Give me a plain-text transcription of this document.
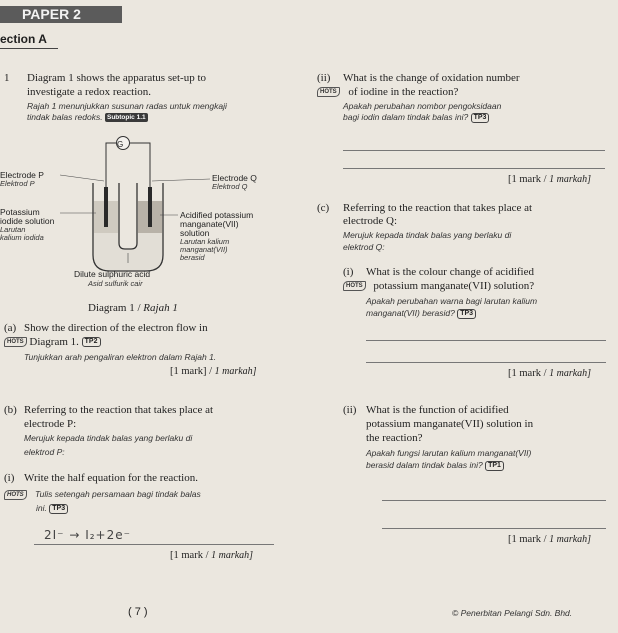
PAPER 2
ection A
1 Diagram 1 shows the apparatus set-up to
investigate a redox reaction.
Rajah 1 menunjukkan susunan radas untuk mengkaji
tindak balas redoks. Subtopic 1.1
G
Electrode P
Elektrod P
Potassium
iodide solution
Larutan
kalium iodida
Electrode Q
Elektrod Q
Acidified potassium
manganate(VII)
solution
Larutan kalium
manganat(VII)
berasid
Dilute sulphuric acid
Asid sulfurik cair
Diagram 1 / Rajah 1
(a) Show the direction of the electron flow in
HOTS Diagram 1. TP2
Tunjukkan arah pengaliran elektron dalam Rajah 1.
[1 mark] / 1 markah]
(b) Referring to the reaction that takes place at
electrode P:
Merujuk kepada tindak balas yang berlaku di
elektrod P:
(i) Write the half equation for the reaction.
HOTS Tulis setengah persamaan bagi tindak balas
ini. TP3
2I⁻ → I₂+2e⁻
[1 mark / 1 markah]
(ii) What is the change of oxidation number
HOTS of iodine in the reaction?
Apakah perubahan nombor pengoksidaan
bagi iodin dalam tindak balas ini? TP3
[1 mark / 1 markah]
(c) Referring to the reaction that takes place at
electrode Q:
Merujuk kepada tindak balas yang berlaku di
elektrod Q:
(i) What is the colour change of acidified
HOTS potassium manganate(VII) solution?
Apakah perubahan warna bagi larutan kalium
manganat(VII) berasid? TP3
[1 mark / 1 markah]
(ii) What is the function of acidified
potassium manganate(VII) solution in
the reaction?
Apakah fungsi larutan kalium manganat(VII)
berasid dalam tindak balas ini? TP1
[1 mark / 1 markah]
( 7 )	© Penerbitan Pelangi Sdn. Bhd.
